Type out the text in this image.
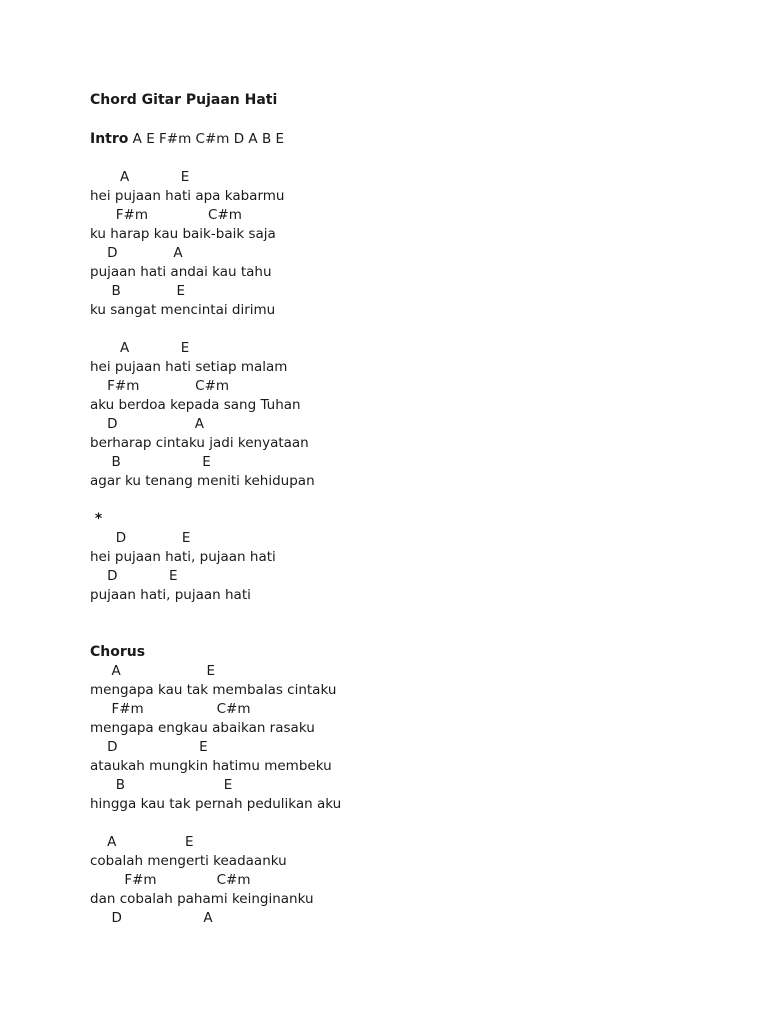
Chord Gitar Pujaan Hati
Intro A E F#m C#m D A B E
A            E
hei pujaan hati apa kabarmu
F#m              C#m
ku harap kau baik-baik saja
D             A
pujaan hati andai kau tahu
B             E
ku sangat mencintai dirimu
A            E
hei pujaan hati setiap malam
F#m             C#m
aku berdoa kepada sang Tuhan
D                  A
berharap cintaku jadi kenyataan
B                   E
agar ku tenang meniti kehidupan
*
D             E
hei pujaan hati, pujaan hati
D            E
pujaan hati, pujaan hati
Chorus
A                    E
mengapa kau tak membalas cintaku
F#m                 C#m
mengapa engkau abaikan rasaku
D                   E
ataukah mungkin hatimu membeku
B                       E
hingga kau tak pernah pedulikan aku
A                E
cobalah mengerti keadaanku
F#m              C#m
dan cobalah pahami keinginanku
D                   A
